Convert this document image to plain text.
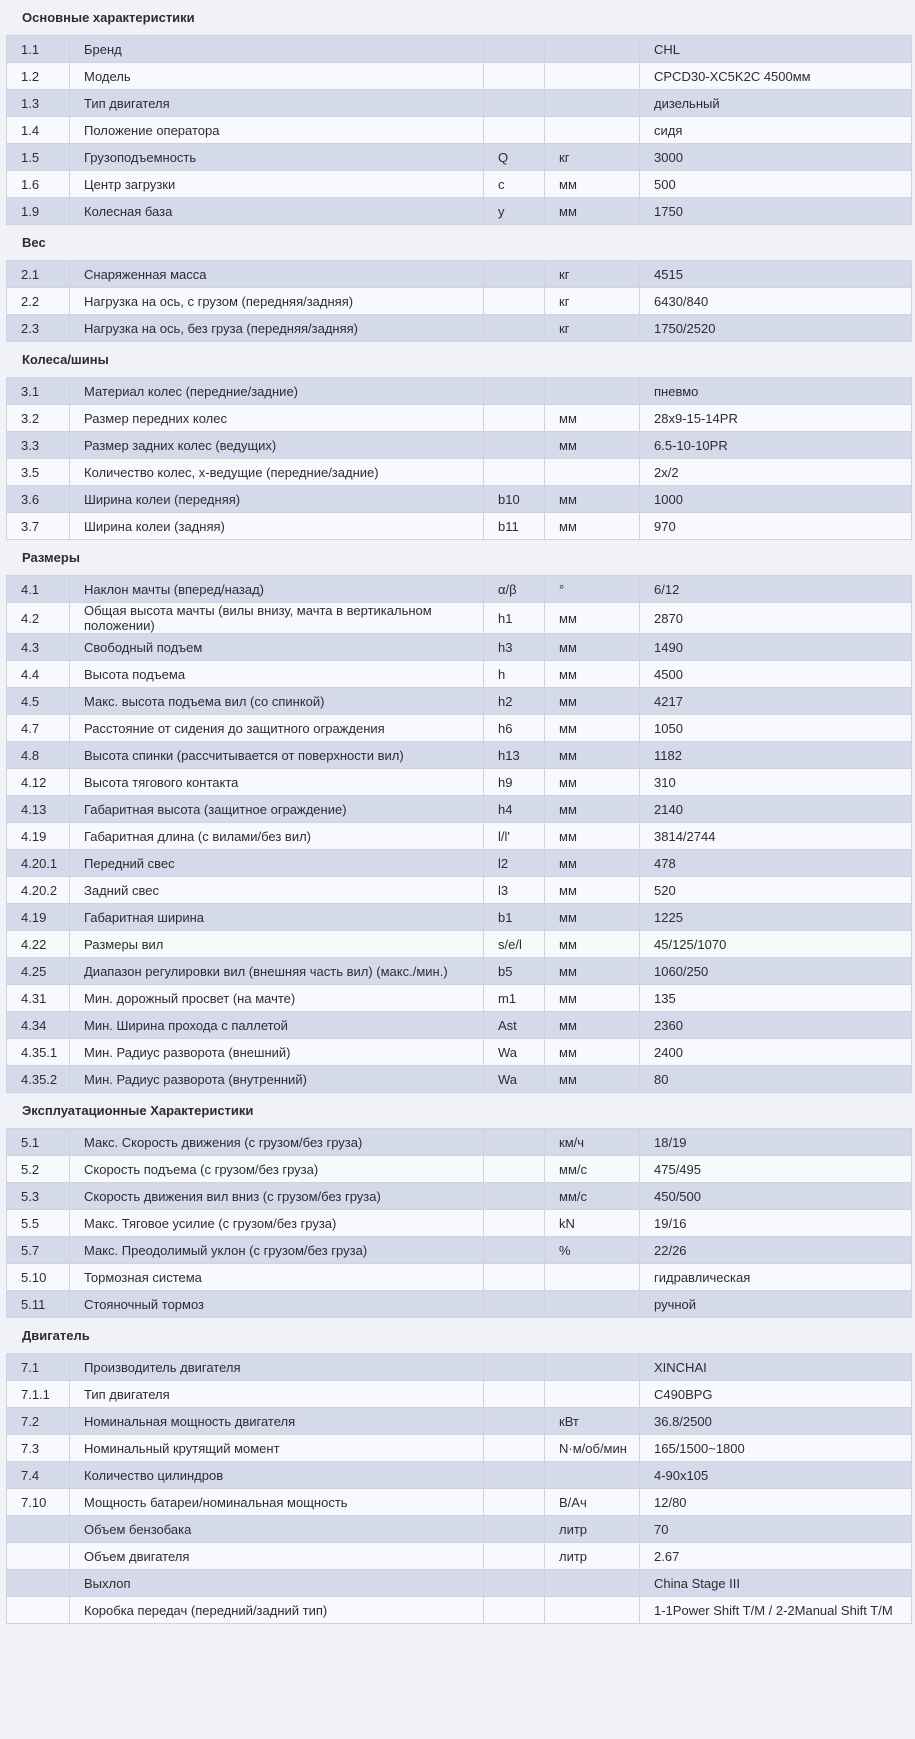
Основные характеристики
1.1	Бренд			CHL
1.2	Модель			CPCD30-XC5K2C 4500мм
1.3	Тип двигателя			дизельный
1.4	Положение оператора			сидя
1.5	Грузоподъемность	Q	кг	3000
1.6	Центр загрузки	c	мм	500
1.9	Колесная база	y	мм	1750
Вес
2.1	Снаряженная масса		кг	4515
2.2	Нагрузка на ось, с грузом (передняя/задняя)		кг	6430/840
2.3	Нагрузка на ось, без груза (передняя/задняя)		кг	1750/2520
Колеса/шины
3.1	Материал колес (передние/задние)			пневмо
3.2	Размер передних колес		мм	28x9-15-14PR
3.3	Размер задних колес (ведущих)		мм	6.5-10-10PR
3.5	Количество колес, x-ведущие (передние/задние)			2x/2
3.6	Ширина колеи (передняя)	b10	мм	1000
3.7	Ширина колеи (задняя)	b11	мм	970
Размеры
4.1	Наклон мачты (вперед/назад)	α/β	°	6/12
4.2	Общая высота мачты (вилы внизу, мачта в вертикальном положении)	h1	мм	2870
4.3	Свободный подъем	h3	мм	1490
4.4	Высота подъема	h	мм	4500
4.5	Макс. высота подъема вил (со спинкой)	h2	мм	4217
4.7	Расстояние от сидения до защитного ограждения	h6	мм	1050
4.8	Высота спинки (рассчитывается от поверхности вил)	h13	мм	1182
4.12	Высота тягового контакта	h9	мм	310
4.13	Габаритная высота (защитное ограждение)	h4	мм	2140
4.19	Габаритная длина (с вилами/без вил)	l/l'	мм	3814/2744
4.20.1	Передний свес	l2	мм	478
4.20.2	Задний свес	l3	мм	520
4.19	Габаритная ширина	b1	мм	1225
4.22	Размеры вил	s/e/l	мм	45/125/1070
4.25	Диапазон регулировки вил (внешняя часть вил) (макс./мин.)	b5	мм	1060/250
4.31	Мин. дорожный просвет (на мачте)	m1	мм	135
4.34	Мин. Ширина прохода с паллетой	Ast	мм	2360
4.35.1	Мин. Радиус разворота (внешний)	Wa	мм	2400
4.35.2	Мин. Радиус разворота (внутренний)	Wa	мм	80
Эксплуатационные Характеристики
5.1	Макс. Скорость движения (с грузом/без груза)		км/ч	18/19
5.2	Скорость подъема (с грузом/без груза)		мм/с	475/495
5.3	Скорость движения вил вниз (с грузом/без груза)		мм/с	450/500
5.5	Макс. Тяговое усилие (с грузом/без груза)		kN	19/16
5.7	Макс. Преодолимый уклон (с грузом/без груза)		%	22/26
5.10	Тормозная система			гидравлическая
5.11	Стояночный тормоз			ручной
Двигатель
7.1	Производитель двигателя			XINCHAI
7.1.1	Тип двигателя			C490BPG
7.2	Номинальная мощность двигателя		кВт	36.8/2500
7.3	Номинальный крутящий момент		N·м/об/мин	165/1500~1800
7.4	Количество цилиндров			4-90x105
7.10	Мощность батареи/номинальная мощность		В/Ач	12/80
	Объем бензобака		литр	70
	Объем двигателя		литр	2.67
	Выхлоп			China Stage III
	Коробка передач (передний/задний тип)			1-1Power Shift T/M / 2-2Manual Shift T/M
